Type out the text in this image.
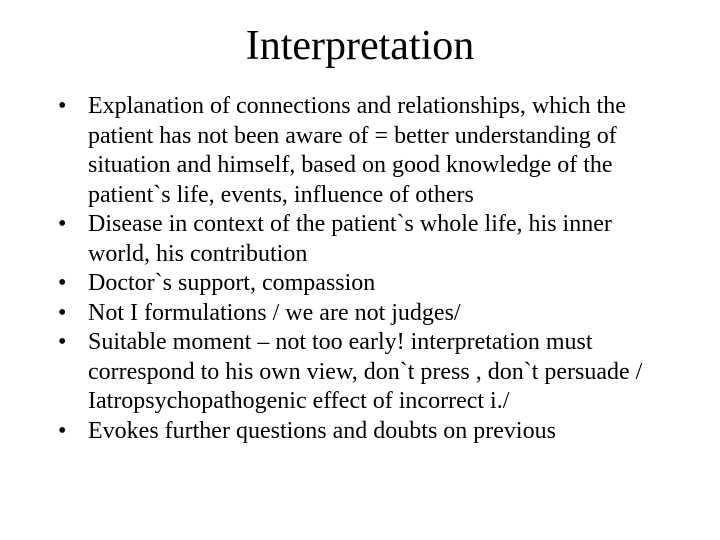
Interpretation
• Explanation of connections and relationships, which the patient has not been aware of = better understanding of situation and himself, based on good knowledge of the patient`s life, events, influence of others
• Disease in context of the patient`s whole life, his inner world, his contribution
• Doctor`s support, compassion
• Not I formulations / we are not judges/
• Suitable moment – not too early! interpretation must correspond to his own view, don`t press , don`t persuade / Iatropsychopathogenic effect of incorrect i./
• Evokes further questions and doubts on previous
